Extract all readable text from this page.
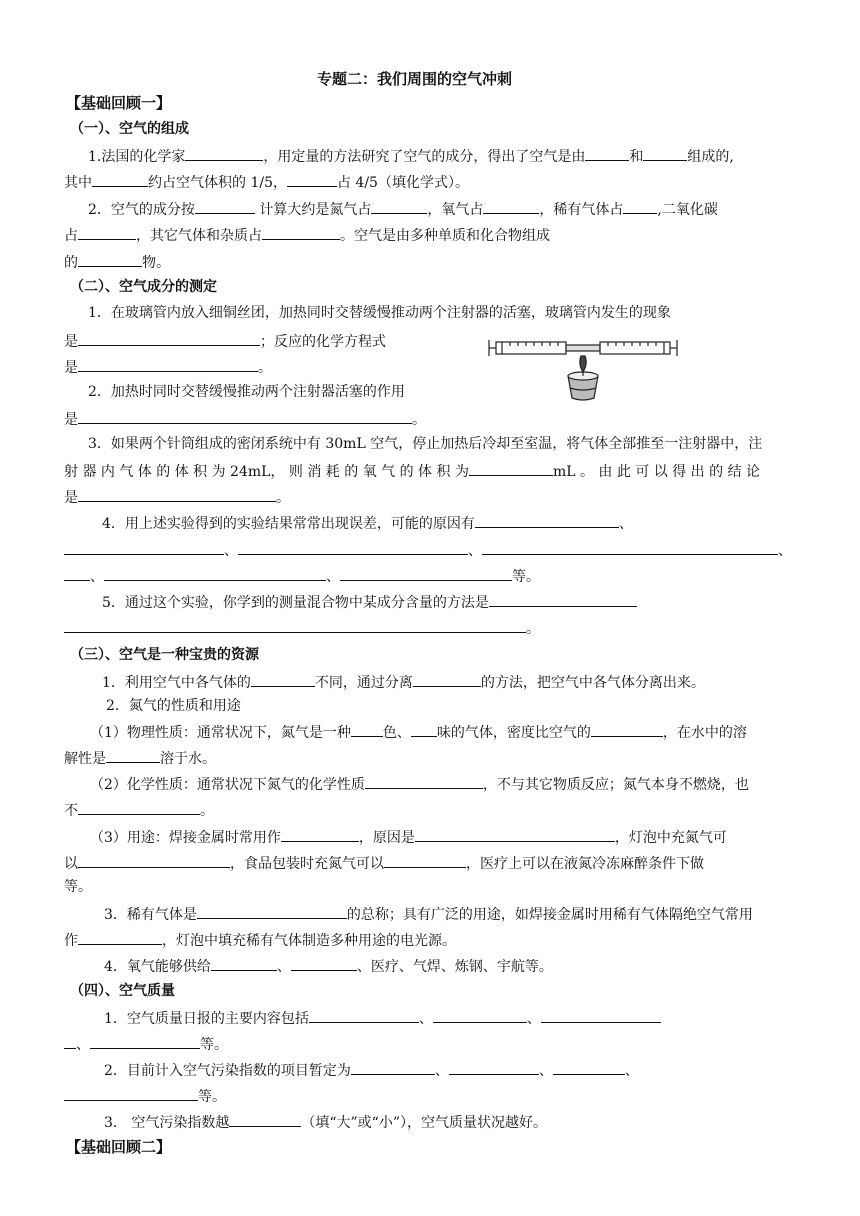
专题二：我们周围的空气冲刺
【基础回顾一】
（一）、空气的组成
1.法国的化学家	，用定量的方法研究了空气的成分，得出了空气是由	和	组成的,
其中	约占空气体积的 1/5，	占 4/5（填化学式）。
2．空气的成分按	计算大约是氮气占	，氧气占	，稀有气体占 ,二氧化碳
占	，其它气体和杂质占	。空气是由多种单质和化合物组成
的	物。
（二）、空气成分的测定
1．在玻璃管内放入细铜丝团，加热同时交替缓慢推动两个注射器的活塞，玻璃管内发生的现象
是	；反应的化学方程式
是	。
2．加热时同时交替缓慢推动两个注射器活塞的作用
是	。
3．如果两个针筒组成的密闭系统中有 30mL 空气，停止加热后冷却至室温，将气体全部推至一注射器中，注
射 器 内 气 体 的 体 积 为 24mL， 则 消 耗 的 氧 气 的 体 积 为	mL 。 由 此 可 以 得 出 的 结 论
是	。
4．用上述实验得到的实验结果常常出现误差，可能的原因有	、
、	、	、
、	、	等。
5．通过这个实验，你学到的测量混合物中某成分含量的方法是
。
（三）、空气是一种宝贵的资源
1．利用空气中各气体的	不同，通过分离	的方法，把空气中各气体分离出来。
2．氮气的性质和用途
（1）物理性质：通常状况下，氮气是一种 色、 味的气体，密度比空气的	，在水中的溶
解性是	溶于水。
（2）化学性质：通常状况下氮气的化学性质	，不与其它物质反应；氮气本身不燃烧，也
不	。
（3）用途：焊接金属时常用作	，原因是	，灯泡中充氮气可
以	，食品包装时充氮气可以	，医疗上可以在液氮冷冻麻醉条件下做
等。
3．稀有气体是	的总称；具有广泛的用途，如焊接金属时用稀有气体隔绝空气常用
作	，灯泡中填充稀有气体制造多种用途的电光源。
4．氧气能够供给	、	、医疗、气焊、炼钢、宇航等。
（四）、空气质量
1．空气质量日报的主要内容包括	、	、
、	等。
2．目前计入空气污染指数的项目暂定为	、	、	、
等。
3． 空气污染指数越	（填“大”或“小”），空气质量状况越好。
【基础回顾二】
